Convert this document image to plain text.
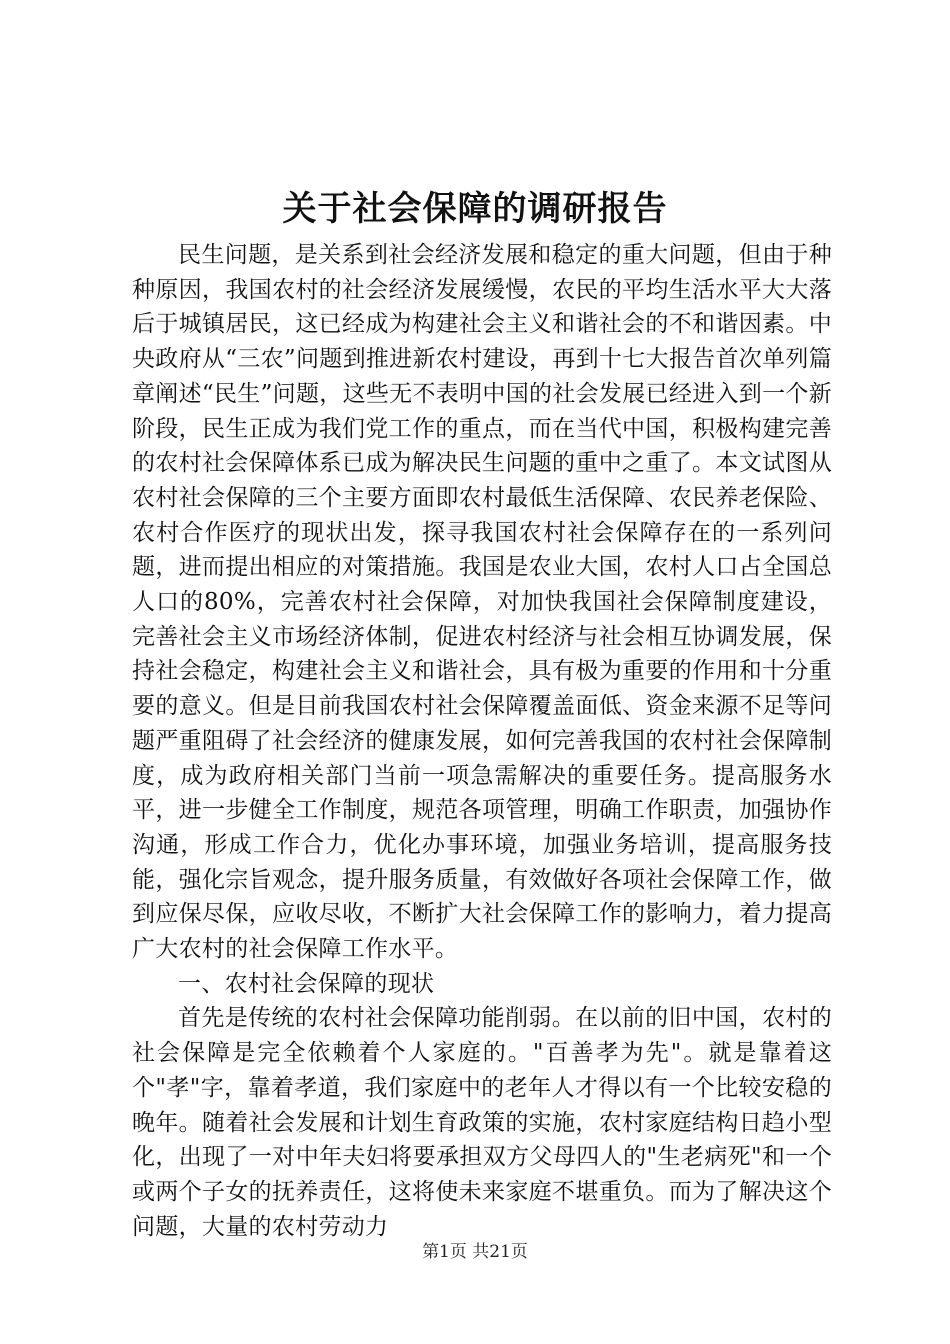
关于社会保障的调研报告

民生问题，是关系到社会经济发展和稳定的重大问题，但由于种种原因，我国农村的社会经济发展缓慢，农民的平均生活水平大大落后于城镇居民，这已经成为构建社会主义和谐社会的不和谐因素。中央政府从“三农”问题到推进新农村建设，再到十七大报告首次单列篇章阐述“民生”问题，这些无不表明中国的社会发展已经进入到一个新阶段，民生正成为我们党工作的重点，而在当代中国，积极构建完善的农村社会保障体系已成为解决民生问题的重中之重了。本文试图从农村社会保障的三个主要方面即农村最低生活保障、农民养老保险、农村合作医疗的现状出发，探寻我国农村社会保障存在的一系列问题，进而提出相应的对策措施。我国是农业大国，农村人口占全国总人口的80%，完善农村社会保障，对加快我国社会保障制度建设，完善社会主义市场经济体制，促进农村经济与社会相互协调发展，保持社会稳定，构建社会主义和谐社会，具有极为重要的作用和十分重要的意义。但是目前我国农村社会保障覆盖面低、资金来源不足等问题严重阻碍了社会经济的健康发展，如何完善我国的农村社会保障制度，成为政府相关部门当前一项急需解决的重要任务。提高服务水平，进一步健全工作制度，规范各项管理，明确工作职责，加强协作沟通，形成工作合力，优化办事环境，加强业务培训，提高服务技能，强化宗旨观念，提升服务质量，有效做好各项社会保障工作，做到应保尽保，应收尽收，不断扩大社会保障工作的影响力，着力提高广大农村的社会保障工作水平。

一、农村社会保障的现状

首先是传统的农村社会保障功能削弱。在以前的旧中国，农村的社会保障是完全依赖着个人家庭的。"百善孝为先"。就是靠着这个"孝"字，靠着孝道，我们家庭中的老年人才得以有一个比较安稳的晚年。随着社会发展和计划生育政策的实施，农村家庭结构日趋小型化，出现了一对中年夫妇将要承担双方父母四人的"生老病死"和一个或两个子女的抚养责任，这将使未来家庭不堪重负。而为了解决这个问题，大量的农村劳动力

第1页 共21页
